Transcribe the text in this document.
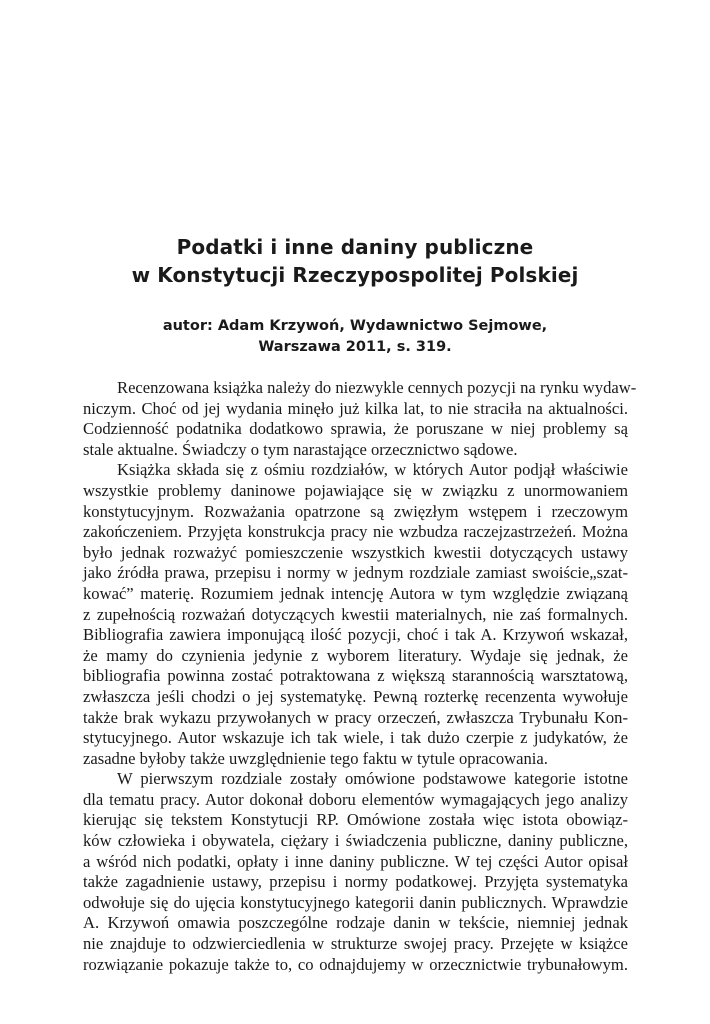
Podatki i inne daniny publiczne
w Konstytucji Rzeczypospolitej Polskiej
autor: Adam Krzywoń, Wydawnictwo Sejmowe,
Warszawa 2011, s. 319.
Recenzowana książka należy do niezwykle cennych pozycji na rynku wydaw-
niczym. Choć od jej wydania minęło już kilka lat, to nie straciła na aktualności.
Codzienność podatnika dodatkowo sprawia, że poruszane w niej problemy są
stale aktualne. Świadczy o tym narastające orzecznictwo sądowe.
Książka składa się z ośmiu rozdziałów, w których Autor podjął właściwie
wszystkie problemy daninowe pojawiające się w związku z unormowaniem
konstytucyjnym. Rozważania opatrzone są zwięzłym wstępem i rzeczowym
zakończeniem. Przyjęta konstrukcja pracy nie wzbudza raczejzastrzeżeń. Można
było jednak rozważyć pomieszczenie wszystkich kwestii dotyczących ustawy
jako źródła prawa, przepisu i normy w jednym rozdziale zamiast swoiście„szat-
kować” materię. Rozumiem jednak intencję Autora w tym względzie związaną
z zupełnością rozważań dotyczących kwestii materialnych, nie zaś formalnych.
Bibliografia zawiera imponującą ilość pozycji, choć i tak A. Krzywoń wskazał,
że mamy do czynienia jedynie z wyborem literatury. Wydaje się jednak, że
bibliografia powinna zostać potraktowana z większą starannością warsztatową,
zwłaszcza jeśli chodzi o jej systematykę. Pewną rozterkę recenzenta wywołuje
także brak wykazu przywołanych w pracy orzeczeń, zwłaszcza Trybunału Kon-
stytucyjnego. Autor wskazuje ich tak wiele, i tak dużo czerpie z judykatów, że
zasadne byłoby także uwzględnienie tego faktu w tytule opracowania.
W pierwszym rozdziale zostały omówione podstawowe kategorie istotne
dla tematu pracy. Autor dokonał doboru elementów wymagających jego analizy
kierując się tekstem Konstytucji RP. Omówione została więc istota obowiąz-
ków człowieka i obywatela, ciężary i świadczenia publiczne, daniny publiczne,
a wśród nich podatki, opłaty i inne daniny publiczne. W tej części Autor opisał
także zagadnienie ustawy, przepisu i normy podatkowej. Przyjęta systematyka
odwołuje się do ujęcia konstytucyjnego kategorii danin publicznych. Wprawdzie
A. Krzywoń omawia poszczególne rodzaje danin w tekście, niemniej jednak
nie znajduje to odzwierciedlenia w strukturze swojej pracy. Przejęte w książce
rozwiązanie pokazuje także to, co odnajdujemy w orzecznictwie trybunałowym.
